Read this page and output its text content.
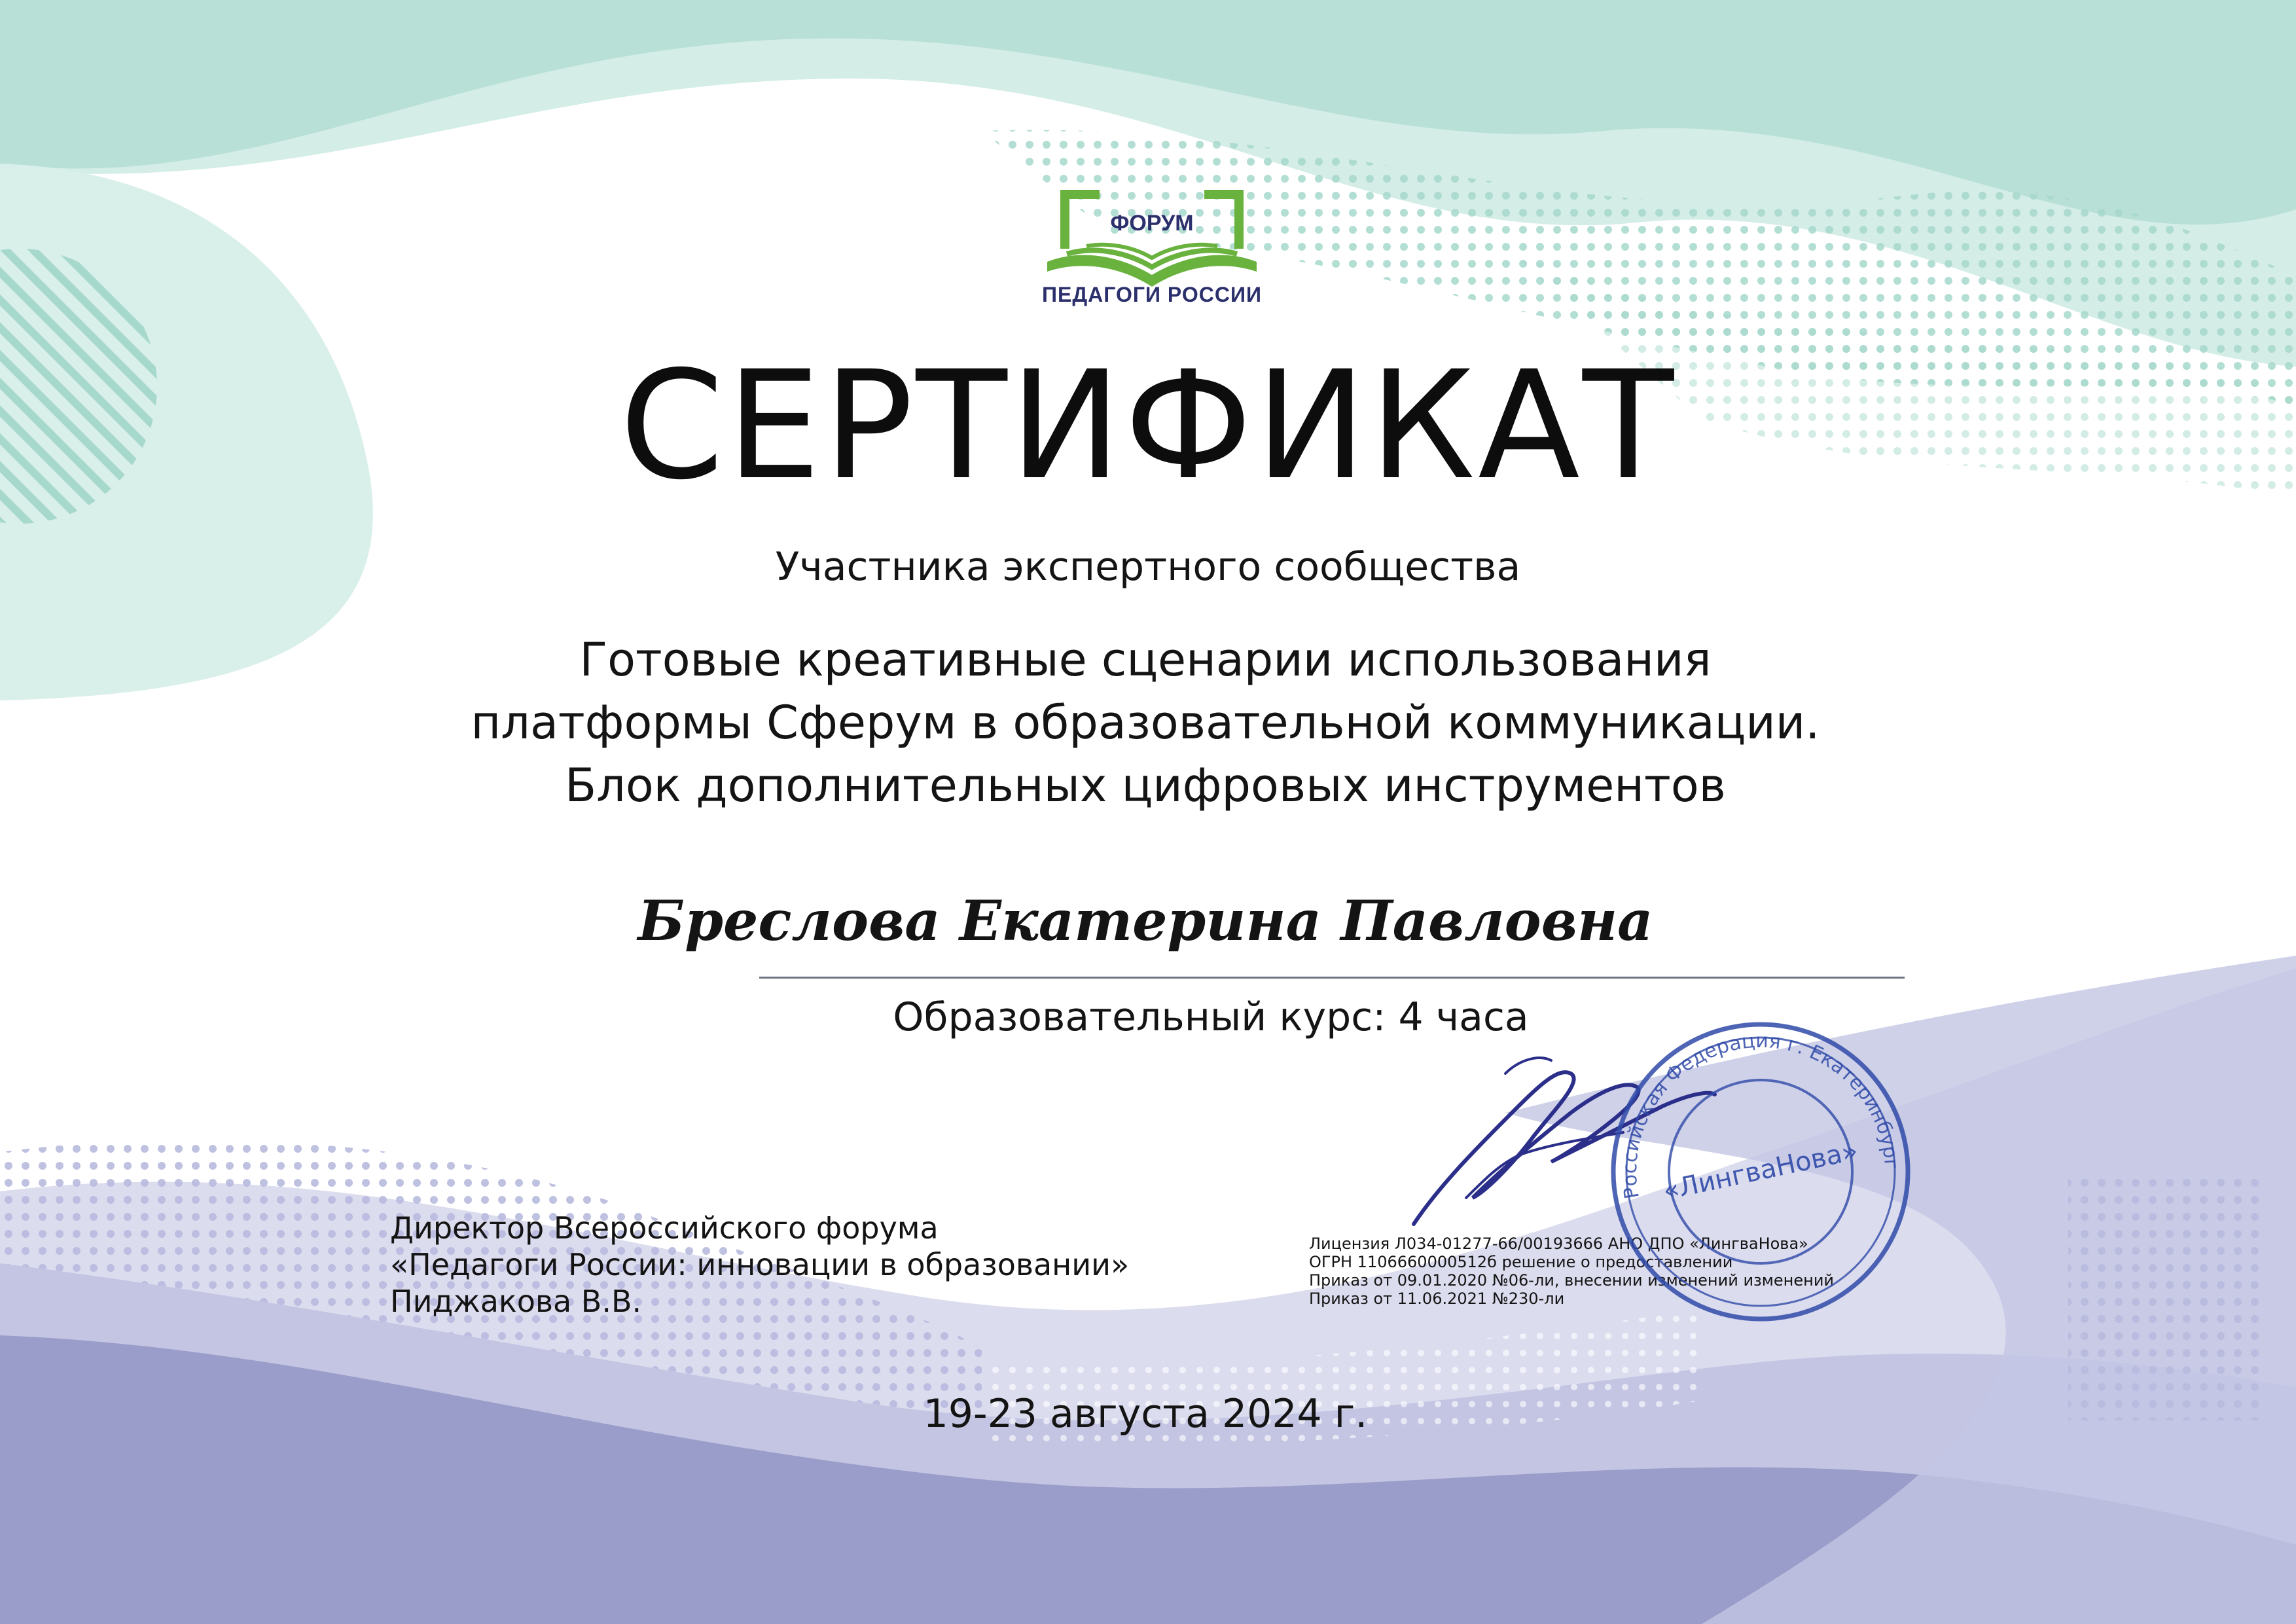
ФОРУМ
ПЕДАГОГИ РОССИИ
СЕРТИФИКАТ
Участника экспертного сообщества
Готовые креативные сценарии использования
платформы Сферум в образовательной коммуникации.
Блок дополнительных цифровых инструментов
Бреслова Екатерина Павловна
Образовательный курс: 4 часа
Директор Всероссийского форума
«Педагоги России: инновации в образовании»
Пиджакова В.В.
Лицензия Л034-01277-66/00193666 АНО ДПО «ЛингваНова»
ОГРН 1106660000512б решение о предоставлении
Приказ от 09.01.2020 №06-ли, внесении изменений изменений
Приказ от 11.06.2021 №230-ли
Российская Федерация г. Екатеринбург
«ЛингваНова»
19-23 августа 2024 г.
